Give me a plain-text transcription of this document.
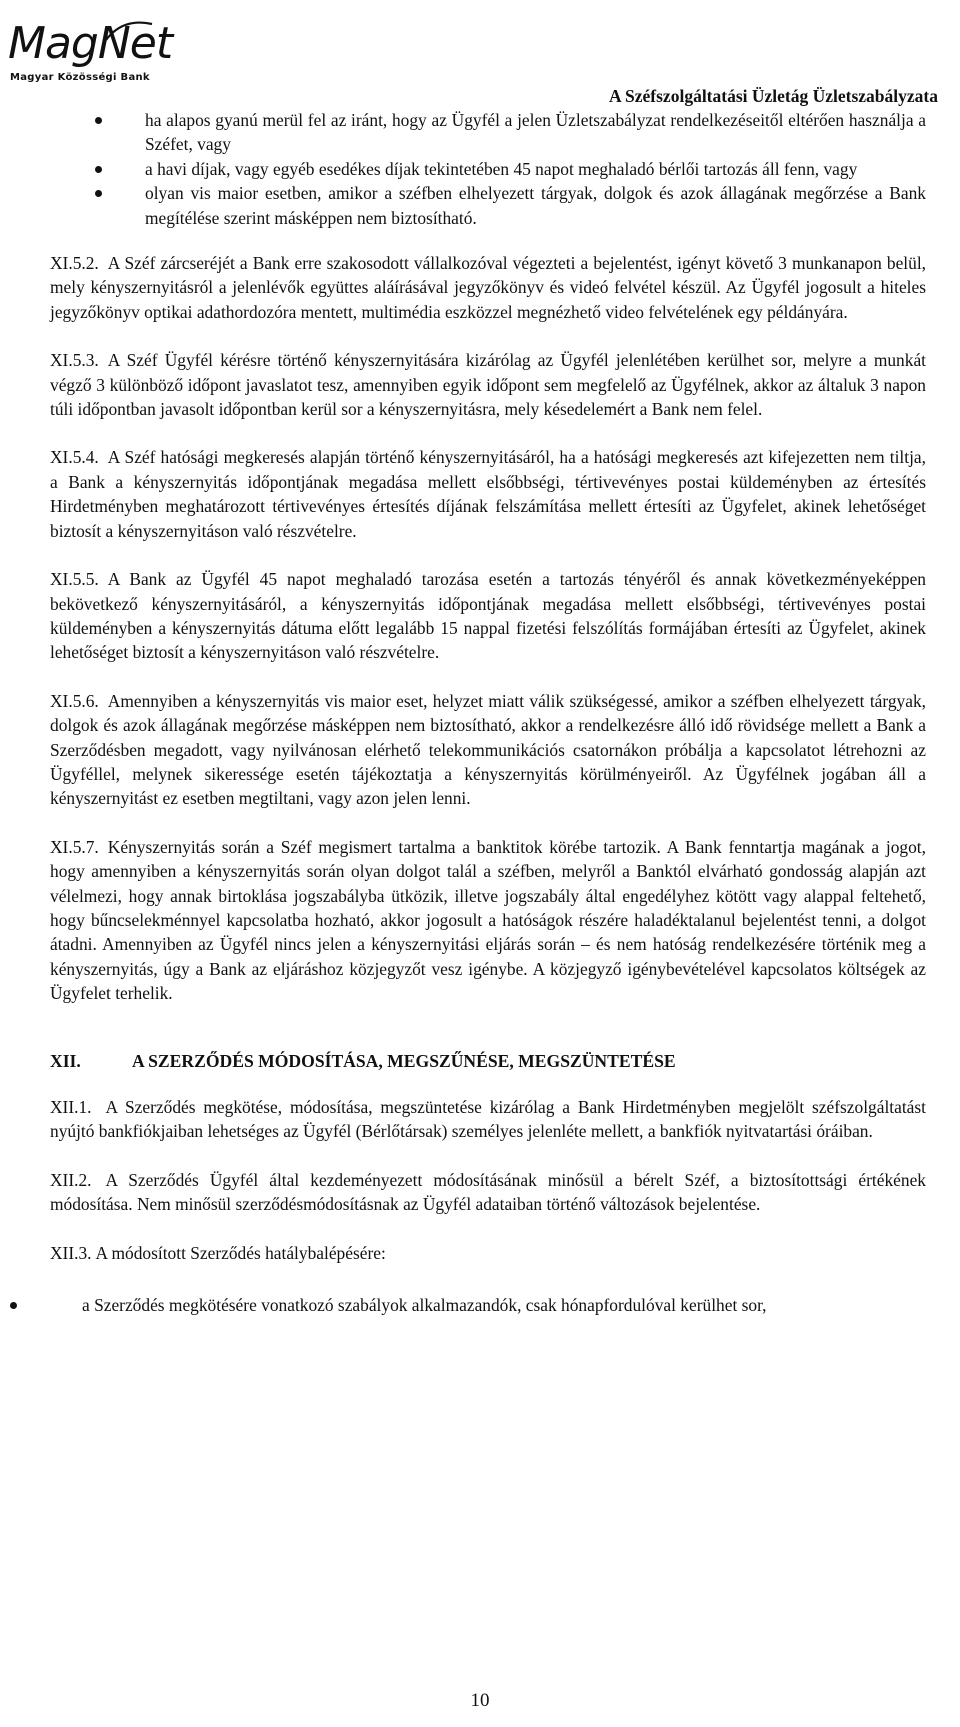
MagNet
Magyar Közösségi Bank
A Széfszolgáltatási Üzletág Üzletszabályzata
ha alapos gyanú merül fel az iránt, hogy az Ügyfél a jelen Üzletszabályzat rendelkezéseitől eltérően használja a Széfet, vagy
a havi díjak, vagy egyéb esedékes díjak tekintetében 45 napot meghaladó bérlői tartozás áll fenn, vagy
olyan vis maior esetben, amikor a széfben elhelyezett tárgyak, dolgok és azok állagának megőrzése a Bank megítélése szerint másképpen nem biztosítható.

XI.5.2. A Széf zárcseréjét a Bank erre szakosodott vállalkozóval végezteti a bejelentést, igényt követő 3 munkanapon belül, mely kényszernyitásról a jelenlévők együttes aláírásával jegyzőkönyv és videó felvétel készül. Az Ügyfél jogosult a hiteles jegyzőkönyv optikai adathordozóra mentett, multimédia eszközzel megnézhető video felvételének egy példányára.

XI.5.3. A Széf Ügyfél kérésre történő kényszernyitására kizárólag az Ügyfél jelenlétében kerülhet sor, melyre a munkát végző 3 különböző időpont javaslatot tesz, amennyiben egyik időpont sem megfelelő az Ügyfélnek, akkor az általuk 3 napon túli időpontban javasolt időpontban kerül sor a kényszernyitásra, mely késedelemért a Bank nem felel.

XI.5.4. A Széf hatósági megkeresés alapján történő kényszernyitásáról, ha a hatósági megkeresés azt kifejezetten nem tiltja, a Bank a kényszernyitás időpontjának megadása mellett elsőbbségi, tértivevényes postai küldeményben az értesítés Hirdetményben meghatározott tértivevényes értesítés díjának felszámítása mellett értesíti az Ügyfelet, akinek lehetőséget biztosít a kényszernyitáson való részvételre.

XI.5.5. A Bank az Ügyfél 45 napot meghaladó tarozása esetén a tartozás tényéről és annak következményeképpen bekövetkező kényszernyitásáról, a kényszernyitás időpontjának megadása mellett elsőbbségi, tértivevényes postai küldeményben a kényszernyitás dátuma előtt legalább 15 nappal fizetési felszólítás formájában értesíti az Ügyfelet, akinek lehetőséget biztosít a kényszernyitáson való részvételre.

XI.5.6. Amennyiben a kényszernyitás vis maior eset, helyzet miatt válik szükségessé, amikor a széfben elhelyezett tárgyak, dolgok és azok állagának megőrzése másképpen nem biztosítható, akkor a rendelkezésre álló idő rövidsége mellett a Bank a Szerződésben megadott, vagy nyilvánosan elérhető telekommunikációs csatornákon próbálja a kapcsolatot létrehozni az Ügyféllel, melynek sikeressége esetén tájékoztatja a kényszernyitás körülményeiről. Az Ügyfélnek jogában áll a kényszernyitást ez esetben megtiltani, vagy azon jelen lenni.

XI.5.7. Kényszernyitás során a Széf megismert tartalma a banktitok körébe tartozik. A Bank fenntartja magának a jogot, hogy amennyiben a kényszernyitás során olyan dolgot talál a széfben, melyről a Banktól elvárható gondosság alapján azt vélelmezi, hogy annak birtoklása jogszabályba ütközik, illetve jogszabály által engedélyhez kötött vagy alappal feltehető, hogy bűncselekménnyel kapcsolatba hozható, akkor jogosult a hatóságok részére haladéktalanul bejelentést tenni, a dolgot átadni. Amennyiben az Ügyfél nincs jelen a kényszernyitási eljárás során – és nem hatóság rendelkezésére történik meg a kényszernyitás, úgy a Bank az eljáráshoz közjegyzőt vesz igénybe. A közjegyző igénybevételével kapcsolatos költségek az Ügyfelet terhelik.

XII.	A SZERZŐDÉS MÓDOSÍTÁSA, MEGSZŰNÉSE, MEGSZÜNTETÉSE

XII.1. A Szerződés megkötése, módosítása, megszüntetése kizárólag a Bank Hirdetményben megjelölt széfszolgáltatást nyújtó bankfiókjaiban lehetséges az Ügyfél (Bérlőtársak) személyes jelenléte mellett, a bankfiók nyitvatartási óráiban.

XII.2. A Szerződés Ügyfél által kezdeményezett módosításának minősül a bérelt Széf, a biztosítottsági értékének módosítása. Nem minősül szerződésmódosításnak az Ügyfél adataiban történő változások bejelentése.

XII.3. A módosított Szerződés hatálybalépésére:

a Szerződés megkötésére vonatkozó szabályok alkalmazandók, csak hónapfordulóval kerülhet sor,
10
